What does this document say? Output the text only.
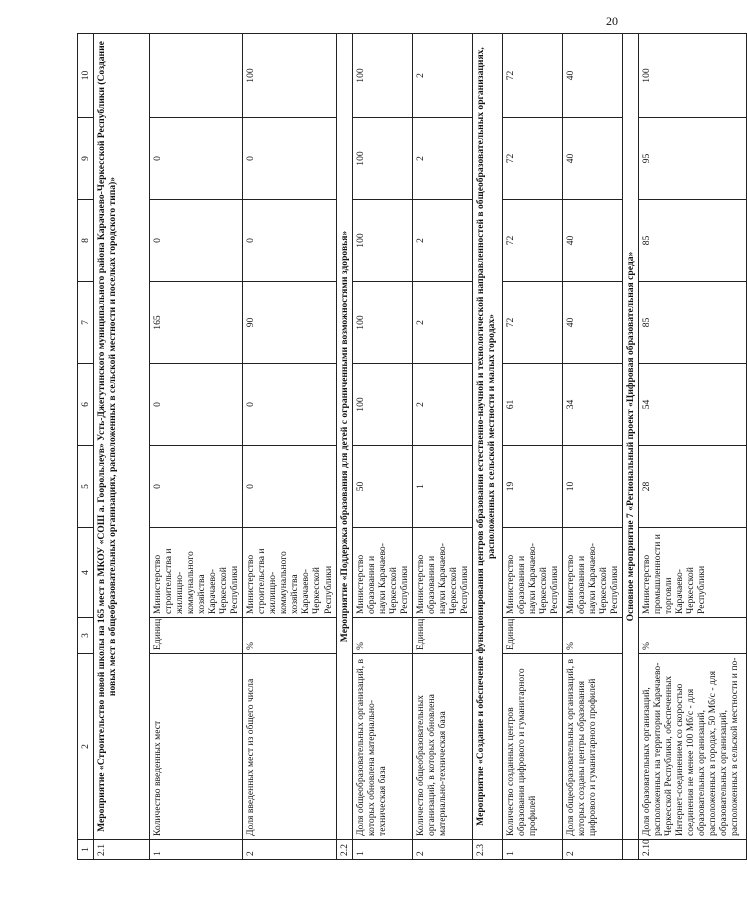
20
1	2	3	4	5	6	7	8	9	10
2.1	Мероприятие «Строительство новой школы на 165 мест в МКОУ «СОШ а. Гоорольлеув» Усть-Джегутинского муниципального района Карачаево-Черкесской Республики (Создание новых мест в общеобразовательных организациях, расположенных в сельской местности и поселках городского типа)»								
1	Количество введенных мест	Единиц	Министерство строительства и жилищно-коммунального хозяйства Карачаево-Черкесской Республики	0	0	165	0	0	
2	Доля введенных мест из общего числа	%	Министерство строительства и жилищно-коммунального хозяйства Карачаево-Черкесской Республики	0	0	90	0	0	100
2.2	Мероприятие «Поддержка образования для детей с ограниченными возможностями здоровья»								
1	Доля общеобразовательных организаций, в которых обновлена материально-техническая база	%	Министерство образования и науки Карачаево-Черкесской Республики	50	100	100	100	100	100
2	Количество общеобразовательных организаций, в которых обновлена материально-техническая база	Единиц	Министерство образования и науки Карачаево-Черкесской Республики	1	2	2	2	2	2
2.3	Мероприятие «Создание и обеспечение функционирования центров образования естественно-научной и технологической направленностей в общеобразовательных организациях, расположенных в сельской местности и малых городах»								
1	Количество созданных центров образования цифрового и гуманитарного профилей	Единиц	Министерство образования и науки Карачаево-Черкесской Республики	19	61	72	72	72	72
2	Доля общеобразовательных организаций, в которых созданы центры образования цифрового и гуманитарного профилей	%	Министерство образования и науки Карачаево-Черкесской Республики	10	34	40	40	40	40
	Основное мероприятие 7 «Региональный проект «Цифровая образовательная среда»								
2.10	Доля образовательных организаций, расположенных на территории Карачаево-Черкесской Республики, обеспеченных Интернет-соединением со скоростью соединения не менее 100 Мб/с - для образовательных организаций, расположенных в городах, 50 Мб/с - для образовательных организаций, расположенных в сельской местности и по-	%	Министерство промышленности и торговли Карачаево-Черкесской Республики	28	54	85	85	95	100
